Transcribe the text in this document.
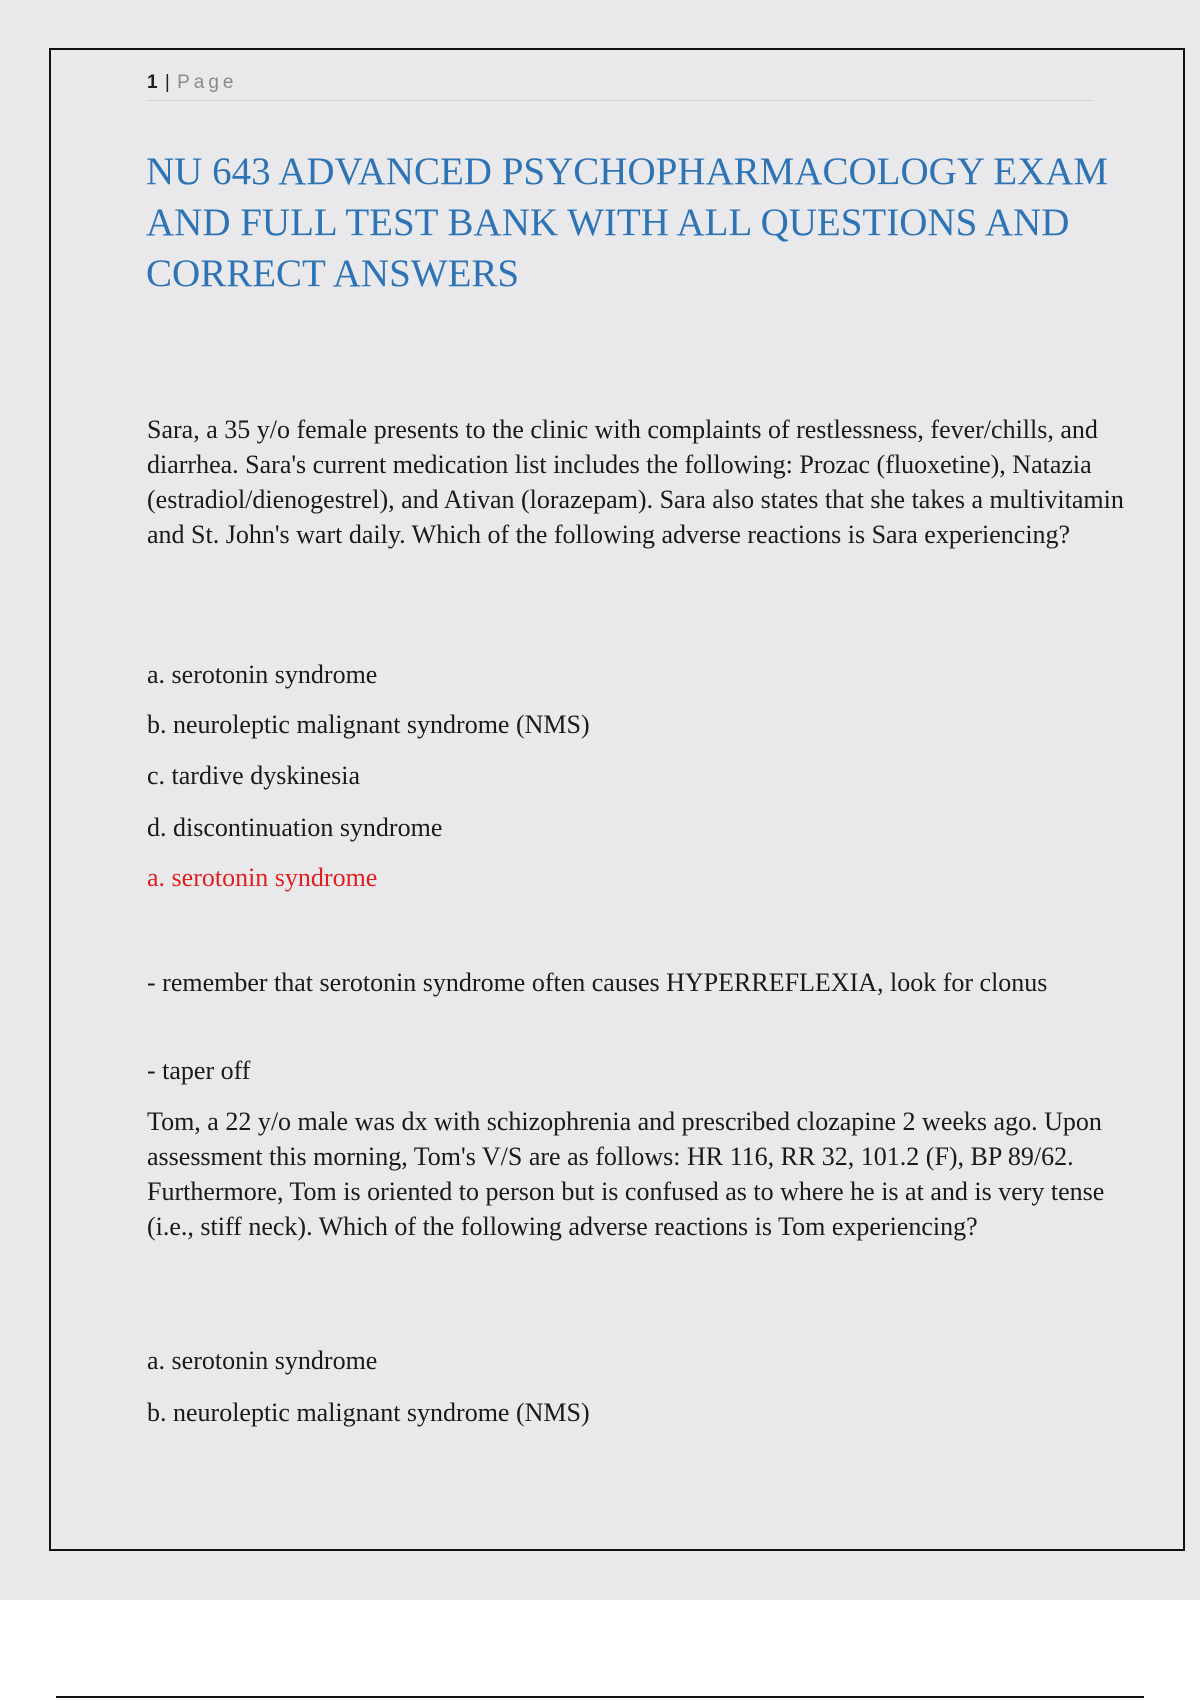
1 | Page
NU 643 ADVANCED PSYCHOPHARMACOLOGY EXAM AND FULL TEST BANK WITH ALL QUESTIONS AND CORRECT ANSWERS
Sara, a 35 y/o female presents to the clinic with complaints of restlessness, fever/chills, and diarrhea. Sara's current medication list includes the following: Prozac (fluoxetine), Natazia (estradiol/dienogestrel), and Ativan (lorazepam). Sara also states that she takes a multivitamin and St. John's wart daily. Which of the following adverse reactions is Sara experiencing?
a. serotonin syndrome
b. neuroleptic malignant syndrome (NMS)
c. tardive dyskinesia
d. discontinuation syndrome
a. serotonin syndrome
- remember that serotonin syndrome often causes HYPERREFLEXIA, look for clonus
- taper off
Tom, a 22 y/o male was dx with schizophrenia and prescribed clozapine 2 weeks ago. Upon assessment this morning, Tom's V/S are as follows: HR 116, RR 32, 101.2 (F), BP 89/62. Furthermore, Tom is oriented to person but is confused as to where he is at and is very tense (i.e., stiff neck). Which of the following adverse reactions is Tom experiencing?
a. serotonin syndrome
b. neuroleptic malignant syndrome (NMS)
